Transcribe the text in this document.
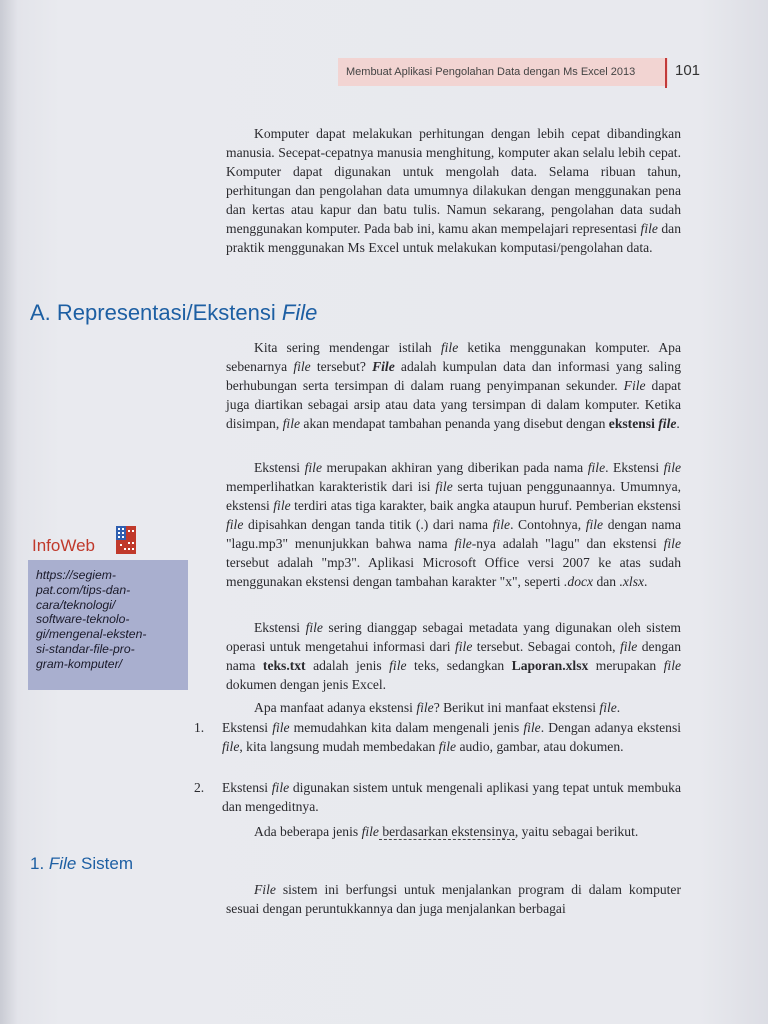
Membuat Aplikasi Pengolahan Data dengan Ms Excel 2013	101

Komputer dapat melakukan perhitungan dengan lebih cepat dibandingkan manusia. Secepat-cepatnya manusia menghitung, komputer akan selalu lebih cepat. Komputer dapat digunakan untuk mengolah data. Selama ribuan tahun, perhitungan dan pengolahan data umumnya dilakukan dengan menggunakan pena dan kertas atau kapur dan batu tulis. Namun sekarang, pengolahan data sudah menggunakan komputer. Pada bab ini, kamu akan mempelajari representasi file dan praktik menggunakan Ms Excel untuk melakukan komputasi/pengolahan data.

A. Representasi/Ekstensi File

Kita sering mendengar istilah file ketika menggunakan komputer. Apa sebenarnya file tersebut? File adalah kumpulan data dan informasi yang saling berhubungan serta tersimpan di dalam ruang penyimpanan sekunder. File dapat juga diartikan sebagai arsip atau data yang tersimpan di dalam komputer. Ketika disimpan, file akan mendapat tambahan penanda yang disebut dengan ekstensi file.

Ekstensi file merupakan akhiran yang diberikan pada nama file. Ekstensi file memperlihatkan karakteristik dari isi file serta tujuan penggunaannya. Umumnya, ekstensi file terdiri atas tiga karakter, baik angka ataupun huruf. Pemberian ekstensi file dipisahkan dengan tanda titik (.) dari nama file. Contohnya, file dengan nama "lagu.mp3" menunjukkan bahwa nama file-nya adalah "lagu" dan ekstensi file tersebut adalah "mp3". Aplikasi Microsoft Office versi 2007 ke atas sudah menggunakan ekstensi dengan tambahan karakter "x", seperti .docx dan .xlsx.

InfoWeb
https://segiem-
pat.com/tips-dan-
cara/teknologi/
software-teknolo-
gi/mengenal-eksten-
si-standar-file-pro-
gram-komputer/

Ekstensi file sering dianggap sebagai metadata yang digunakan oleh sistem operasi untuk mengetahui informasi dari file tersebut. Sebagai contoh, file dengan nama teks.txt adalah jenis file teks, sedangkan Laporan.xlsx merupakan file dokumen dengan jenis Excel.

Apa manfaat adanya ekstensi file? Berikut ini manfaat ekstensi file.

1.	Ekstensi file memudahkan kita dalam mengenali jenis file. Dengan adanya ekstensi file, kita langsung mudah membedakan file audio, gambar, atau dokumen.
2.	Ekstensi file digunakan sistem untuk mengenali aplikasi yang tepat untuk membuka dan mengeditnya.

Ada beberapa jenis file berdasarkan ekstensinya, yaitu sebagai berikut.

1. File Sistem

File sistem ini berfungsi untuk menjalankan program di dalam komputer sesuai dengan peruntukkannya dan juga menjalankan berbagai
